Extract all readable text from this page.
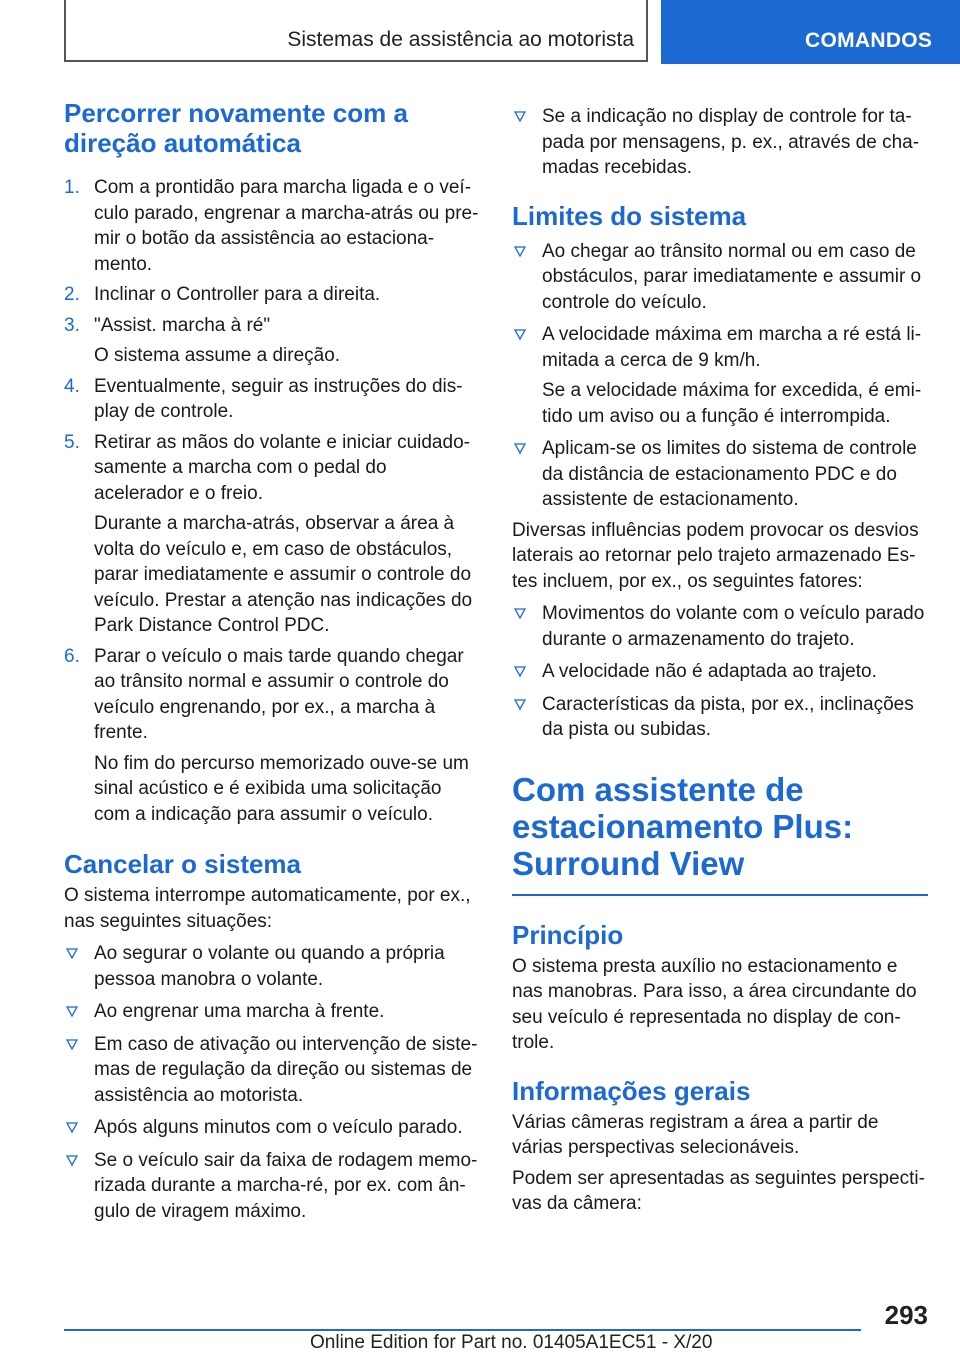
Sistemas de assistência ao motorista	COMANDOS
Percorrer novamente com a direção automática
1. Com a prontidão para marcha ligada e o veículo parado, engrenar a marcha-atrás ou premir o botão da assistência ao estacionamento.
2. Inclinar o Controller para a direita.
3. "Assist. marcha à ré"
O sistema assume a direção.
4. Eventualmente, seguir as instruções do display de controle.
5. Retirar as mãos do volante e iniciar cuidadosamente a marcha com o pedal do acelerador e o freio.
Durante a marcha-atrás, observar a área à volta do veículo e, em caso de obstáculos, parar imediatamente e assumir o controle do veículo. Prestar a atenção nas indicações do Park Distance Control PDC.
6. Parar o veículo o mais tarde quando chegar ao trânsito normal e assumir o controle do veículo engrenando, por ex., a marcha à frente.
No fim do percurso memorizado ouve-se um sinal acústico e é exibida uma solicitação com a indicação para assumir o veículo.
Cancelar o sistema

O sistema interrompe automaticamente, por ex., nas seguintes situações:

Ao segurar o volante ou quando a própria pessoa manobra o volante.
Ao engrenar uma marcha à frente.
Em caso de ativação ou intervenção de sistemas de regulação da direção ou sistemas de assistência ao motorista.
Após alguns minutos com o veículo parado.
Se o veículo sair da faixa de rodagem memorizada durante a marcha-ré, por ex. com ângulo de viragem máximo.
Se a indicação no display de controle for tapada por mensagens, p. ex., através de chamadas recebidas.
Limites do sistema
Ao chegar ao trânsito normal ou em caso de obstáculos, parar imediatamente e assumir o controle do veículo.
A velocidade máxima em marcha a ré está limitada a cerca de 9 km/h.
Se a velocidade máxima for excedida, é emitido um aviso ou a função é interrompida.
Aplicam-se os limites do sistema de controle da distância de estacionamento PDC e do assistente de estacionamento.

Diversas influências podem provocar os desvios laterais ao retornar pelo trajeto armazenado Estes incluem, por ex., os seguintes fatores:

Movimentos do volante com o veículo parado durante o armazenamento do trajeto.
A velocidade não é adaptada ao trajeto.
Características da pista, por ex., inclinações da pista ou subidas.
Com assistente de estacionamento Plus: Surround View
Princípio

O sistema presta auxílio no estacionamento e nas manobras. Para isso, a área circundante do seu veículo é representada no display de controle.

Informações gerais

Várias câmeras registram a área a partir de várias perspectivas selecionáveis.

Podem ser apresentadas as seguintes perspectivas da câmera:

293
Online Edition for Part no. 01405A1EC51 - X/20
